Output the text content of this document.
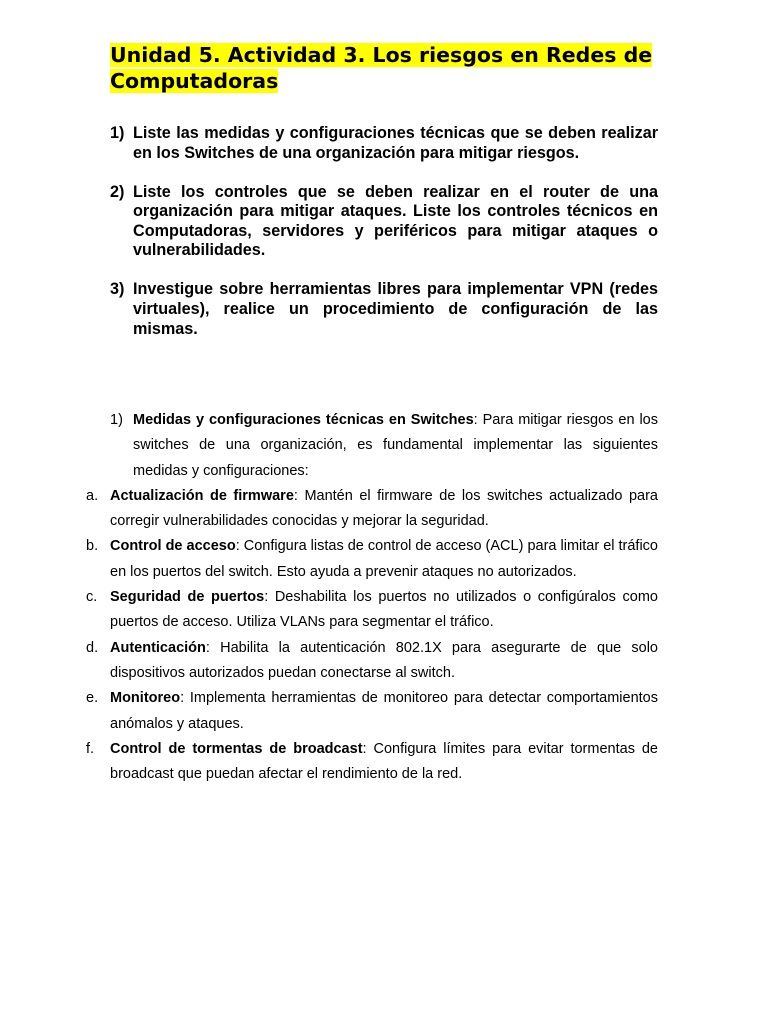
Unidad 5. Actividad 3. Los riesgos en Redes de
Computadoras
1) Liste las medidas y configuraciones técnicas que se deben realizar en los Switches de una organización para mitigar riesgos.
2) Liste los controles que se deben realizar en el router de una organización para mitigar ataques. Liste los controles técnicos en Computadoras, servidores y periféricos para mitigar ataques o vulnerabilidades.
3) Investigue sobre herramientas libres para implementar VPN (redes virtuales), realice un procedimiento de configuración de las mismas.

1) Medidas y configuraciones técnicas en Switches: Para mitigar riesgos en los switches de una organización, es fundamental implementar las siguientes medidas y configuraciones:

a. Actualización de firmware: Mantén el firmware de los switches actualizado para corregir vulnerabilidades conocidas y mejorar la seguridad.

b. Control de acceso: Configura listas de control de acceso (ACL) para limitar el tráfico en los puertos del switch. Esto ayuda a prevenir ataques no autorizados.

c. Seguridad de puertos: Deshabilita los puertos no utilizados o configúralos como puertos de acceso. Utiliza VLANs para segmentar el tráfico.

d. Autenticación: Habilita la autenticación 802.1X para asegurarte de que solo dispositivos autorizados puedan conectarse al switch.

e. Monitoreo: Implementa herramientas de monitoreo para detectar comportamientos anómalos y ataques.

f. Control de tormentas de broadcast: Configura límites para evitar tormentas de broadcast que puedan afectar el rendimiento de la red.
